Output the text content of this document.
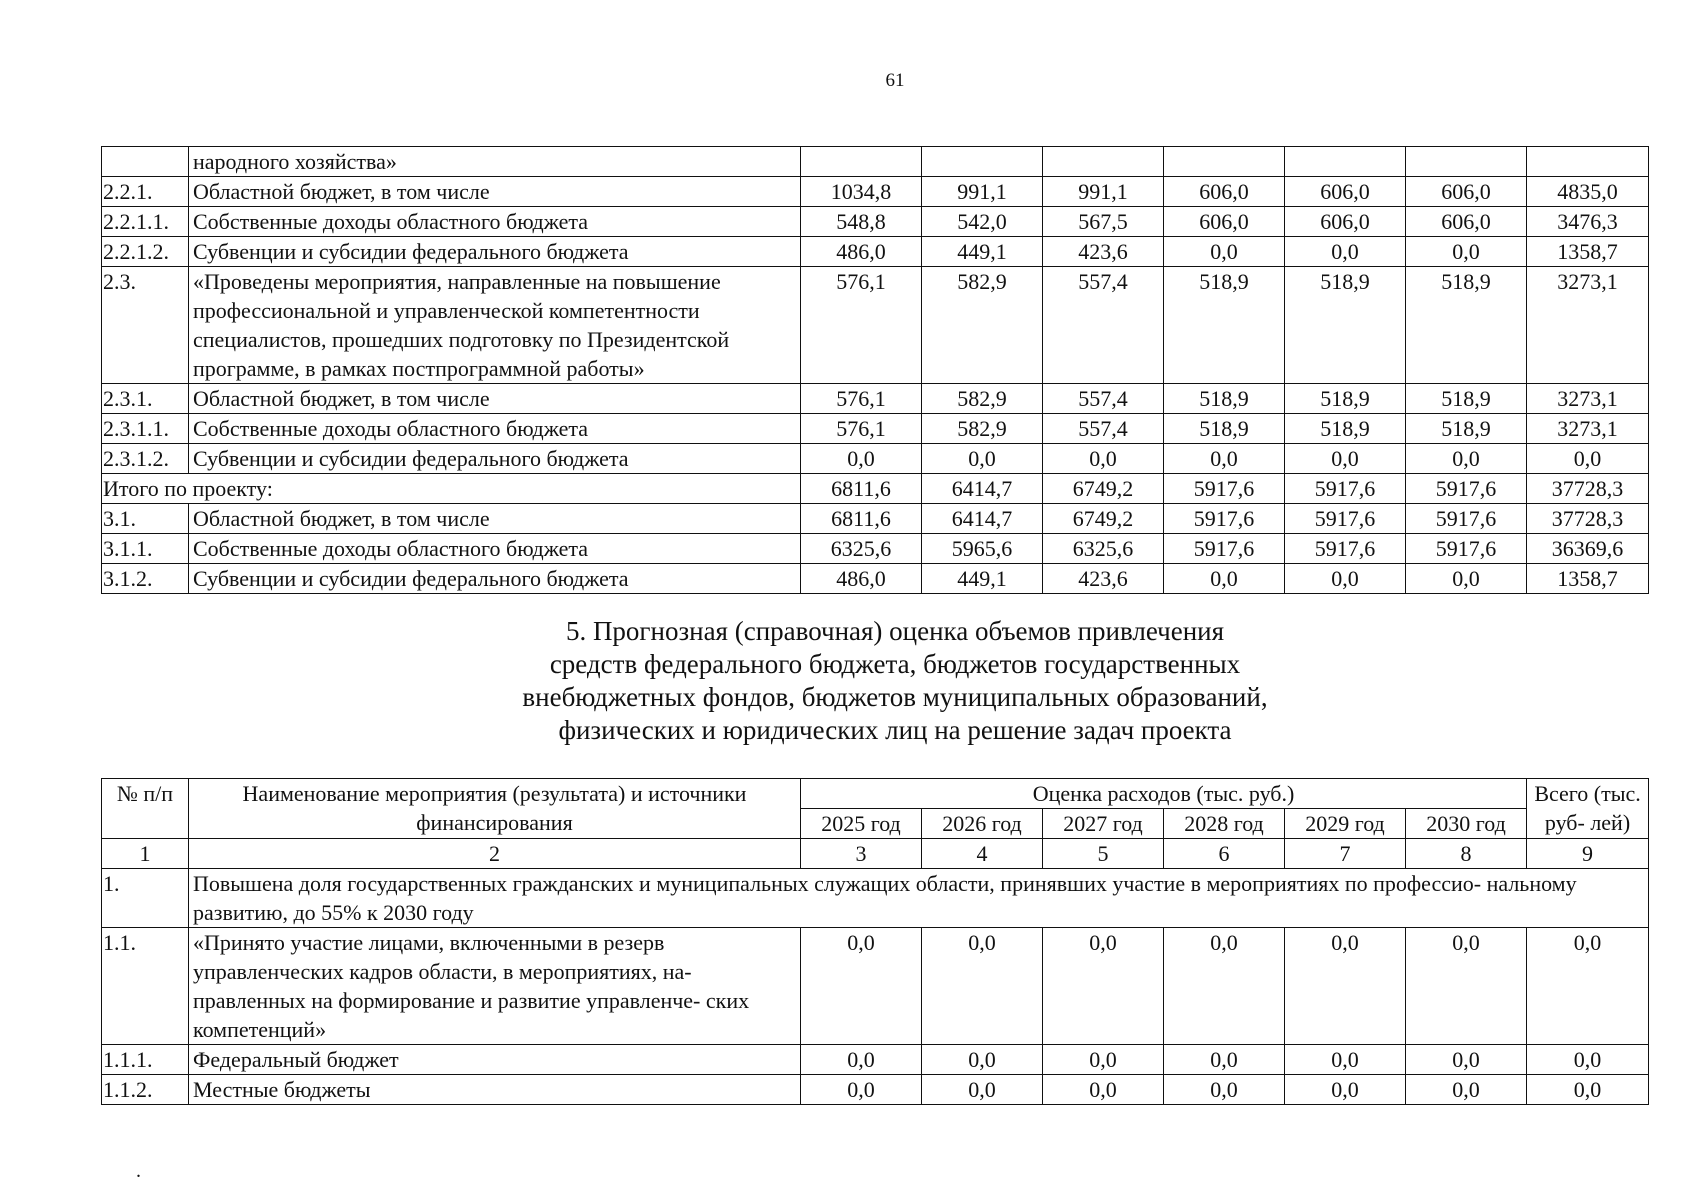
61
	народного хозяйства»							
2.2.1.	Областной бюджет, в том числе	1034,8	991,1	991,1	606,0	606,0	606,0	4835,0
2.2.1.1.	Собственные доходы областного бюджета	548,8	542,0	567,5	606,0	606,0	606,0	3476,3
2.2.1.2.	Субвенции и субсидии федерального бюджета	486,0	449,1	423,6	0,0	0,0	0,0	1358,7
2.3.	«Проведены мероприятия, направленные на повышение профессиональной и управленческой компетентности специалистов, прошедших подготовку по Президентской программе, в рамках постпрограммной работы»	576,1	582,9	557,4	518,9	518,9	518,9	3273,1
2.3.1.	Областной бюджет, в том числе	576,1	582,9	557,4	518,9	518,9	518,9	3273,1
2.3.1.1.	Собственные доходы областного бюджета	576,1	582,9	557,4	518,9	518,9	518,9	3273,1
2.3.1.2.	Субвенции и субсидии федерального бюджета	0,0	0,0	0,0	0,0	0,0	0,0	0,0
Итого по проекту:		6811,6	6414,7	6749,2	5917,6	5917,6	5917,6	37728,3
3.1.	Областной бюджет, в том числе	6811,6	6414,7	6749,2	5917,6	5917,6	5917,6	37728,3
3.1.1.	Собственные доходы областного бюджета	6325,6	5965,6	6325,6	5917,6	5917,6	5917,6	36369,6
3.1.2.	Субвенции и субсидии федерального бюджета	486,0	449,1	423,6	0,0	0,0	0,0	1358,7
5. Прогнозная (справочная) оценка объемов привлечения
средств федерального бюджета, бюджетов государственных
внебюджетных фондов, бюджетов муниципальных образований,
физических и юридических лиц на решение задач проекта
№ п/п	Наименование мероприятия (результата) и источники финансирования	Оценка расходов (тыс. руб.)						Всего (тыс. руб- лей)
		2025 год	2026 год	2027 год	2028 год	2029 год	2030 год	
1	2	3	4	5	6	7	8	9
1.	Повышена доля государственных гражданских и муниципальных служащих области, принявших участие в мероприятиях по профессио- нальному развитию, до 55% к 2030 году							
1.1.	«Принято участие лицами, включенными в резерв управленческих кадров области, в мероприятиях, на- правленных на формирование и развитие управленче- ских компетенций»	0,0	0,0	0,0	0,0	0,0	0,0	0,0
1.1.1.	Федеральный бюджет	0,0	0,0	0,0	0,0	0,0	0,0	0,0
1.1.2.	Местные бюджеты	0,0	0,0	0,0	0,0	0,0	0,0	0,0
.
